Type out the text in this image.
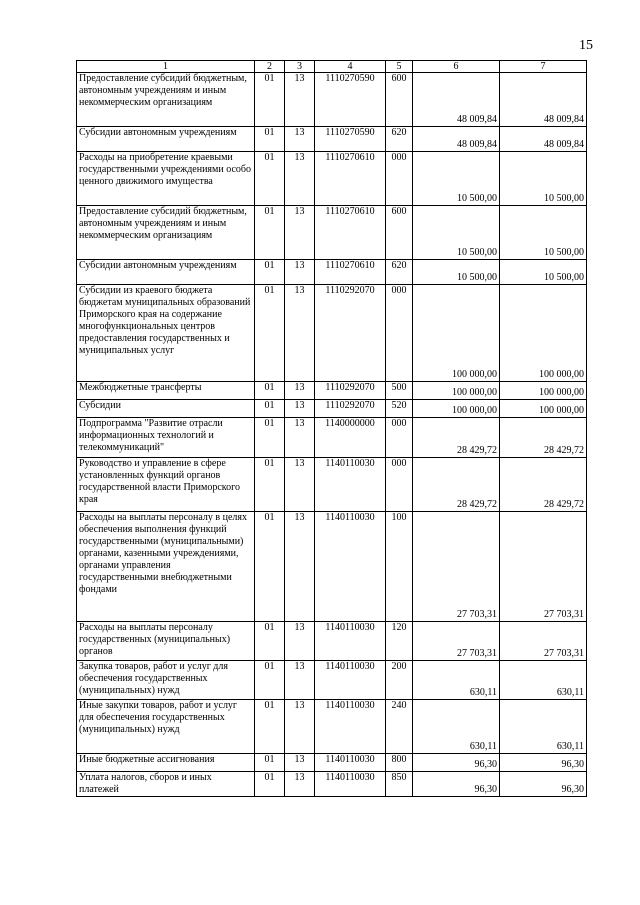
15
1	2	3	4	5	6	7
Предоставление субсидий бюджетным, автономным учреждениям и иным некоммерческим организациям	01	13	1110270590	600	48 009,84	48 009,84
Субсидии автономным учреждениям	01	13	1110270590	620	48 009,84	48 009,84
Расходы на приобретение краевыми государственными учреждениями особо ценного движимого имущества	01	13	1110270610	000	10 500,00	10 500,00
Предоставление субсидий бюджетным, автономным учреждениям и иным некоммерческим организациям	01	13	1110270610	600	10 500,00	10 500,00
Субсидии автономным учреждениям	01	13	1110270610	620	10 500,00	10 500,00
Субсидии из краевого бюджета бюджетам муниципальных образований Приморского края на содержание многофункциональных центров предоставления государственных и муниципальных услуг	01	13	1110292070	000	100 000,00	100 000,00
Межбюджетные трансферты	01	13	1110292070	500	100 000,00	100 000,00
Субсидии	01	13	1110292070	520	100 000,00	100 000,00
Подпрограмма "Развитие отрасли информационных технологий и телекоммуникаций"	01	13	1140000000	000	28 429,72	28 429,72
Руководство и управление в сфере установленных функций органов государственной власти Приморского края	01	13	1140110030	000	28 429,72	28 429,72
Расходы на выплаты персоналу в целях обеспечения выполнения функций государственными (муниципальными) органами, казенными учреждениями, органами управления государственными внебюджетными фондами	01	13	1140110030	100	27 703,31	27 703,31
Расходы на выплаты персоналу государственных (муниципальных) органов	01	13	1140110030	120	27 703,31	27 703,31
Закупка товаров, работ и услуг для обеспечения государственных (муниципальных) нужд	01	13	1140110030	200	630,11	630,11
Иные закупки товаров, работ и услуг для обеспечения государственных (муниципальных) нужд	01	13	1140110030	240	630,11	630,11
Иные бюджетные ассигнования	01	13	1140110030	800	96,30	96,30
Уплата налогов, сборов и иных платежей	01	13	1140110030	850	96,30	96,30
